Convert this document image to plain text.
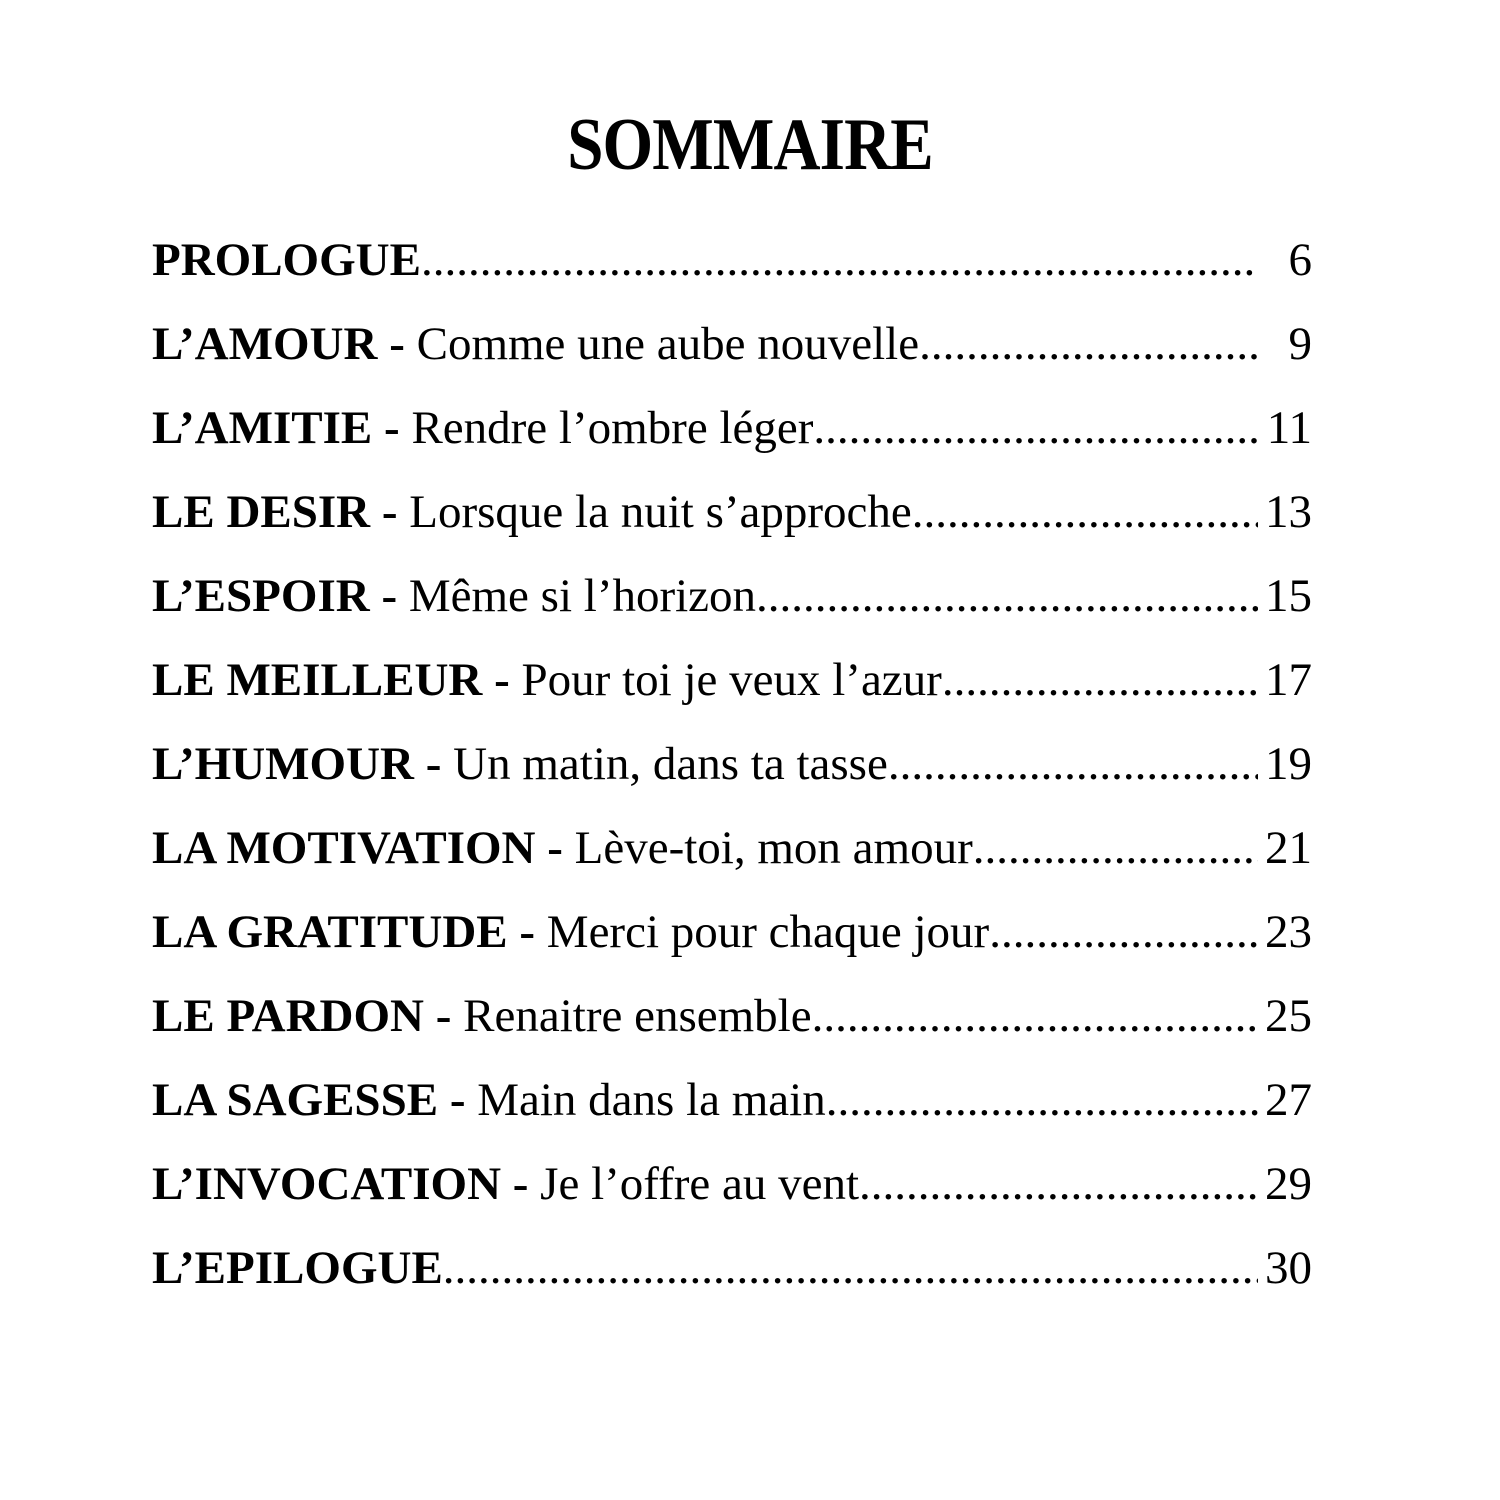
SOMMAIRE
PROLOGUE .....	6
L’AMOUR - Comme une aube nouvelle .....	9
L’AMITIE - Rendre l’ombre léger .....	11
LE DESIR - Lorsque la nuit s’approche .....	13
L’ESPOIR - Même si l’horizon .....	15
LE MEILLEUR - Pour toi je veux l’azur .....	17
L’HUMOUR - Un matin, dans ta tasse .....	19
LA MOTIVATION - Lève-toi, mon amour .....	21
LA GRATITUDE - Merci pour chaque jour .....	23
LE PARDON - Renaitre ensemble .....	25
LA SAGESSE - Main dans la main .....	27
L’INVOCATION - Je l’offre au vent .....	29
L’EPILOGUE .....	30
